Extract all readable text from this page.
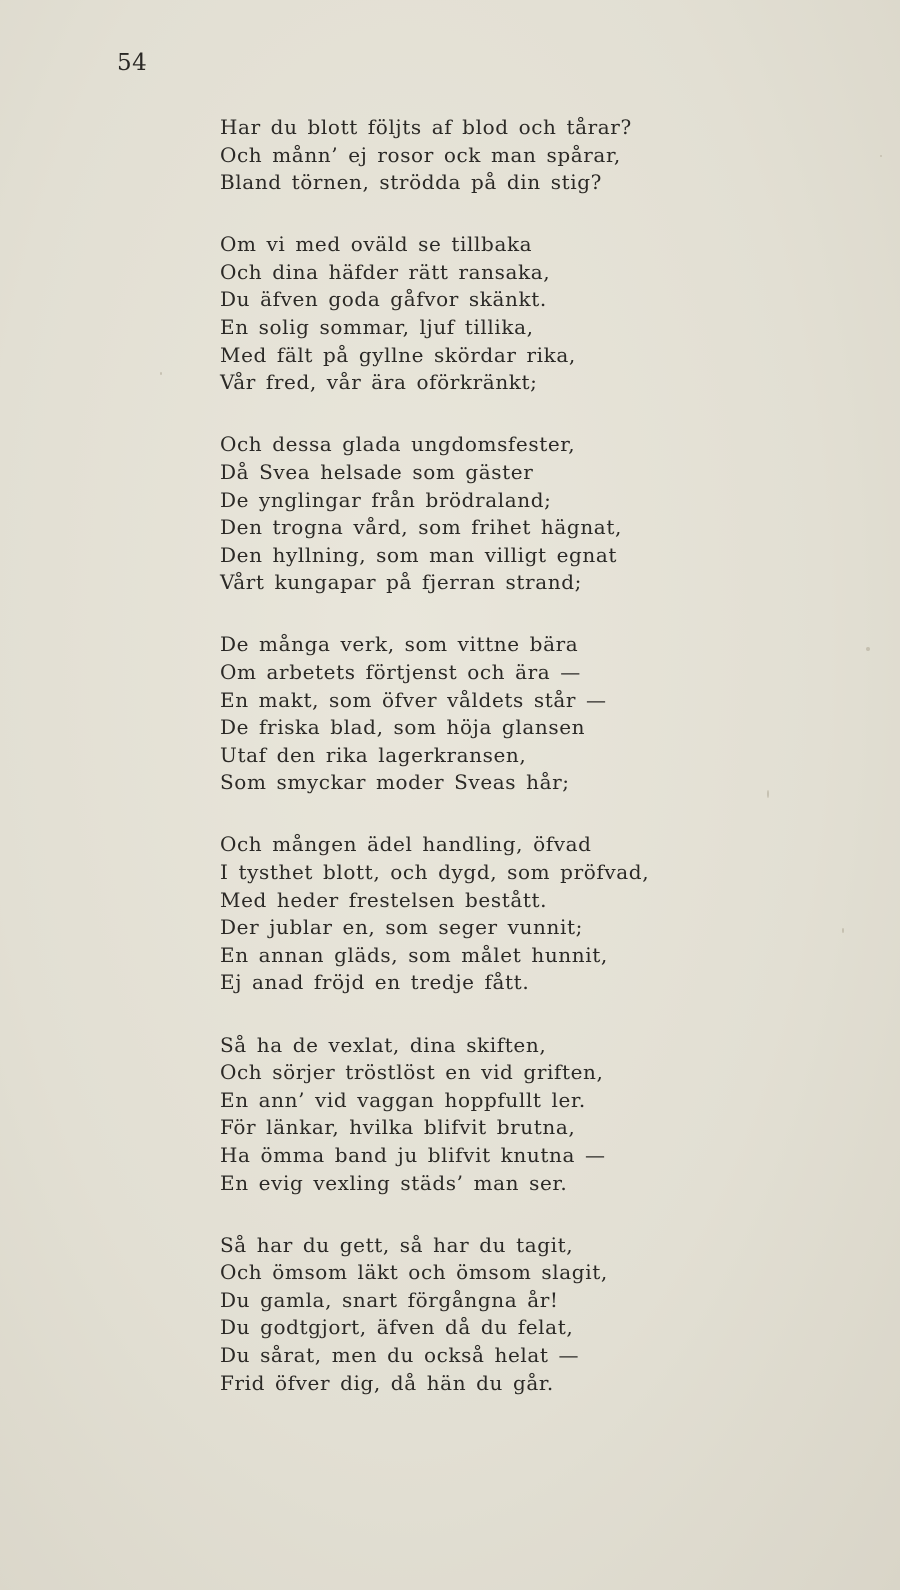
54
Har du blott följts af blod och tårar?
Och månn’ ej rosor ock man spårar,
Bland törnen, strödda på din stig?
Om vi med oväld se tillbaka
Och dina häfder rätt ransaka,
Du äfven goda gåfvor skänkt.
En solig sommar, ljuf tillika,
Med fält på gyllne skördar rika,
Vår fred, vår ära oförkränkt;
Och dessa glada ungdomsfester,
Då Svea helsade som gäster
De ynglingar från brödraland;
Den trogna vård, som frihet hägnat,
Den hyllning, som man villigt egnat
Vårt kungapar på fjerran strand;
De många verk, som vittne bära
Om arbetets förtjenst och ära —
En makt, som öfver våldets står —
De friska blad, som höja glansen
Utaf den rika lagerkransen,
Som smyckar moder Sveas hår;
Och mången ädel handling, öfvad
I tysthet blott, och dygd, som pröfvad,
Med heder frestelsen bestått.
Der jublar en, som seger vunnit;
En annan gläds, som målet hunnit,
Ej anad fröjd en tredje fått.
Så ha de vexlat, dina skiften,
Och sörjer tröstlöst en vid griften,
En ann’ vid vaggan hoppfullt ler.
För länkar, hvilka blifvit brutna,
Ha ömma band ju blifvit knutna —
En evig vexling städs’ man ser.
Så har du gett, så har du tagit,
Och ömsom läkt och ömsom slagit,
Du gamla, snart förgångna år!
Du godtgjort, äfven då du felat,
Du sårat, men du också helat —
Frid öfver dig, då hän du går.
